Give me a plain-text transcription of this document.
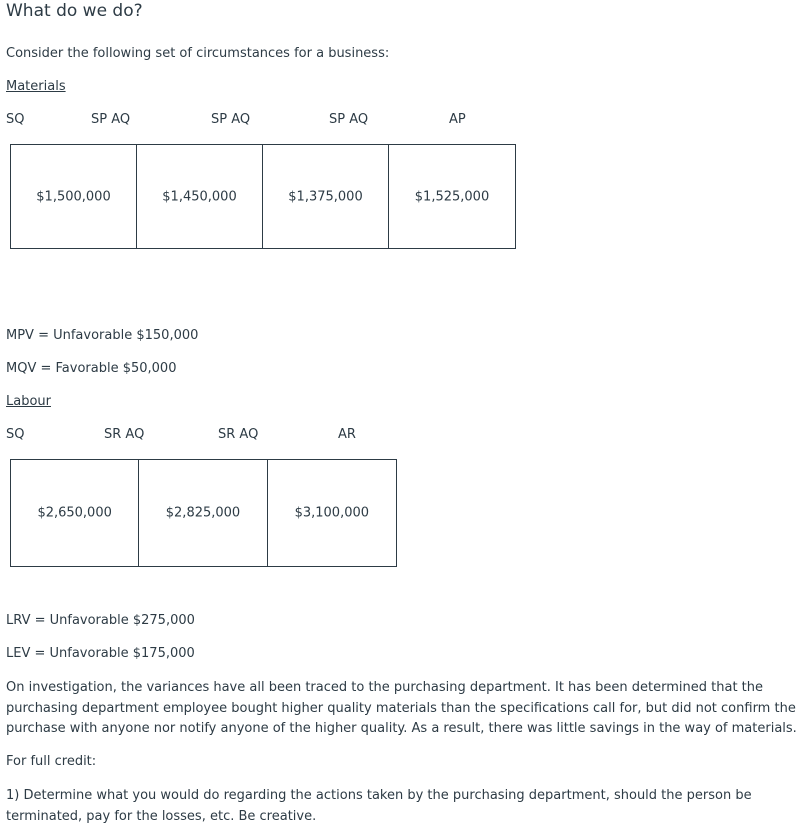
What do we do?
Consider the following set of circumstances for a business:
Materials
SQ	SP AQ	SP AQ	SP AQ	AP
$1,500,000	$1,450,000	$1,375,000	$1,525,000
MPV = Unfavorable $150,000
MQV = Favorable $50,000
Labour
SQ	SR AQ	SR AQ	AR
$2,650,000	$2,825,000	$3,100,000
LRV = Unfavorable $275,000
LEV = Unfavorable $175,000
On investigation, the variances have all been traced to the purchasing department. It has been determined that the purchasing department employee bought higher quality materials than the specifications call for, but did not confirm the purchase with anyone nor notify anyone of the higher quality. As a result, there was little savings in the way of materials.
For full credit:
1) Determine what you would do regarding the actions taken by the purchasing department, should the person be terminated, pay for the losses, etc. Be creative.
